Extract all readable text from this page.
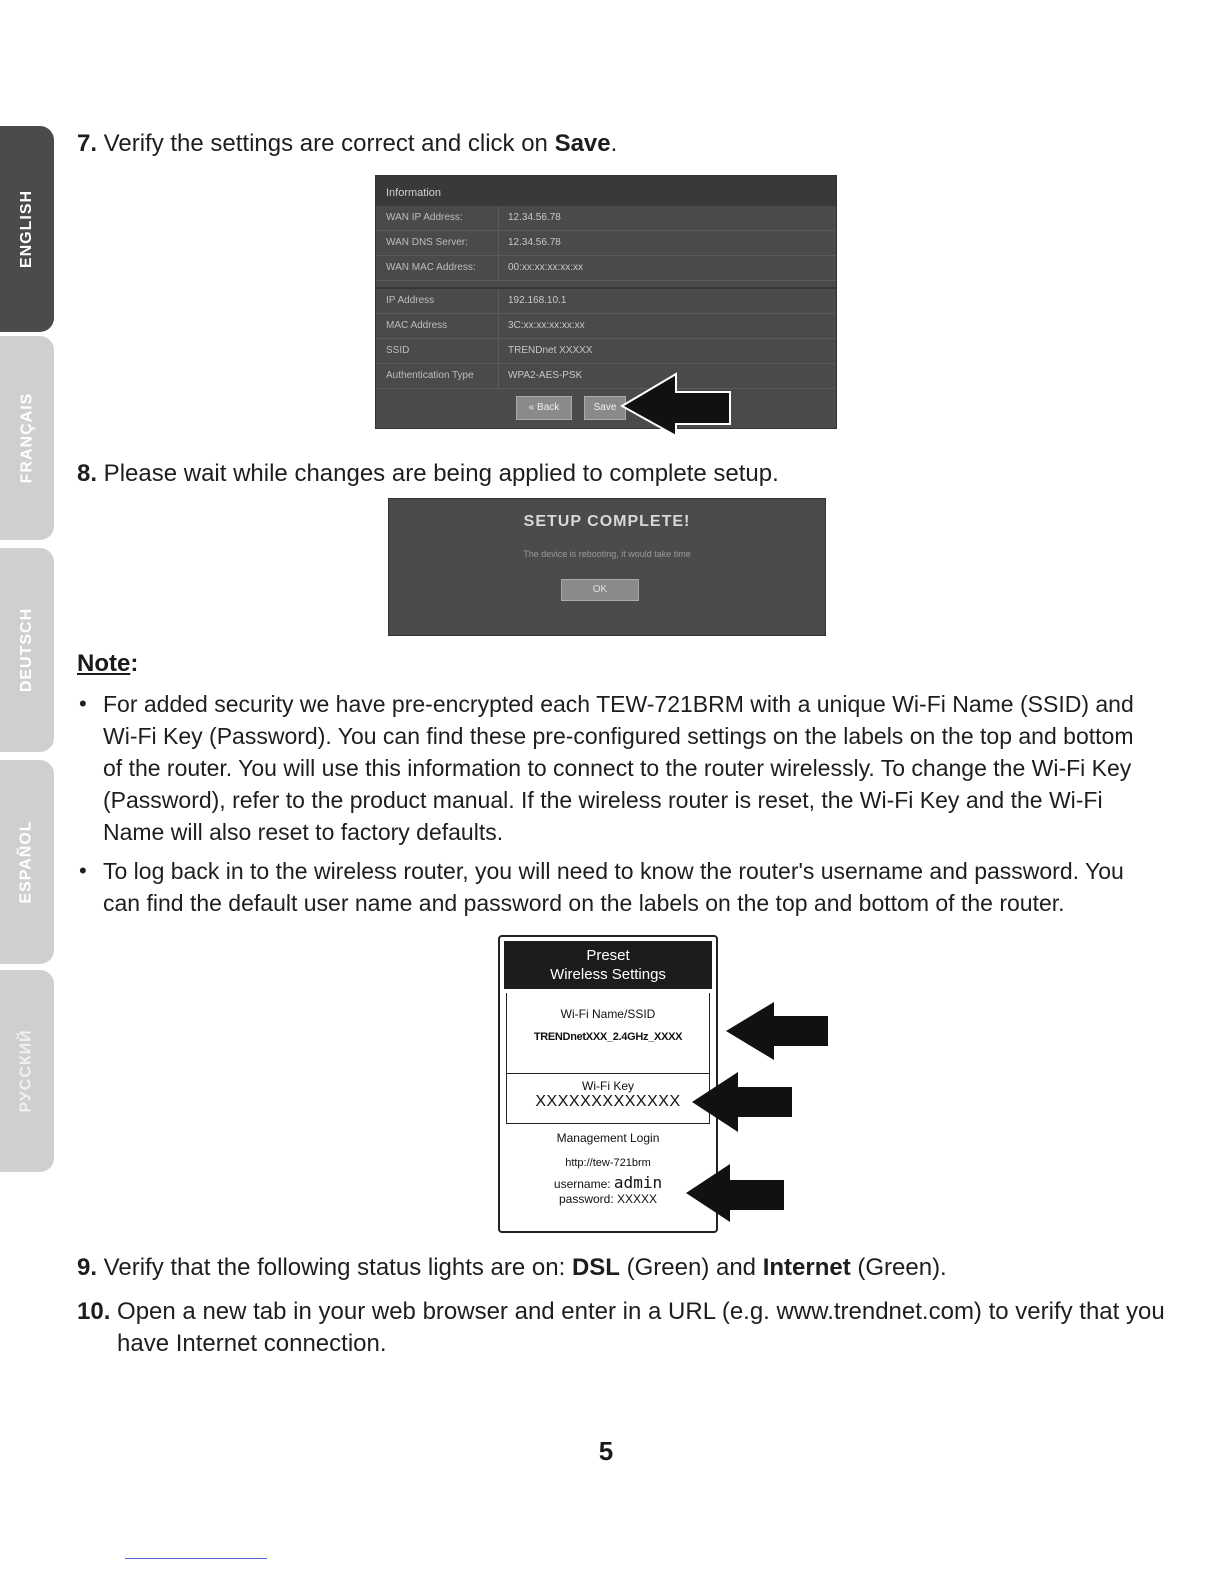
ENGLISH
FRANÇAIS
DEUTSCH
ESPAÑOL
РУССКИЙ
7. Verify the settings are correct and click on Save.
Information
WAN IP Address:	12.34.56.78
WAN DNS Server:	12.34.56.78
WAN MAC Address:	00:xx:xx:xx:xx:xx
IP Address	192.168.10.1
MAC Address	3C:xx:xx:xx:xx:xx
SSID	TRENDnet XXXXX
Authentication Type	WPA2-AES-PSK
« Back	Save
8. Please wait while changes are being applied to complete setup.
SETUP COMPLETE!
The device is rebooting, it would take time
OK
Note:
• For added security we have pre-encrypted each TEW-721BRM with a unique Wi-Fi Name (SSID) and Wi-Fi Key (Password). You can find these pre-configured settings on the labels on the top and bottom of the router. You will use this information to connect to the router wirelessly. To change the Wi-Fi Key (Password), refer to the product manual. If the wireless router is reset, the Wi-Fi Key and the Wi-Fi Name will also reset to factory defaults.
• To log back in to the wireless router, you will need to know the router's username and password. You can find the default user name and password on the labels on the top and bottom of the router.
Preset
Wireless Settings
Wi-Fi Name/SSID
TRENDnetXXX_2.4GHz_XXXX
Wi-Fi Key
XXXXXXXXXXXXX
Management Login
http://tew-721brm
username: admin
password: XXXXX
9. Verify that the following status lights are on: DSL (Green) and Internet (Green).
10. Open a new tab in your web browser and enter in a URL (e.g. www.trendnet.com) to verify that you have Internet connection.
5
